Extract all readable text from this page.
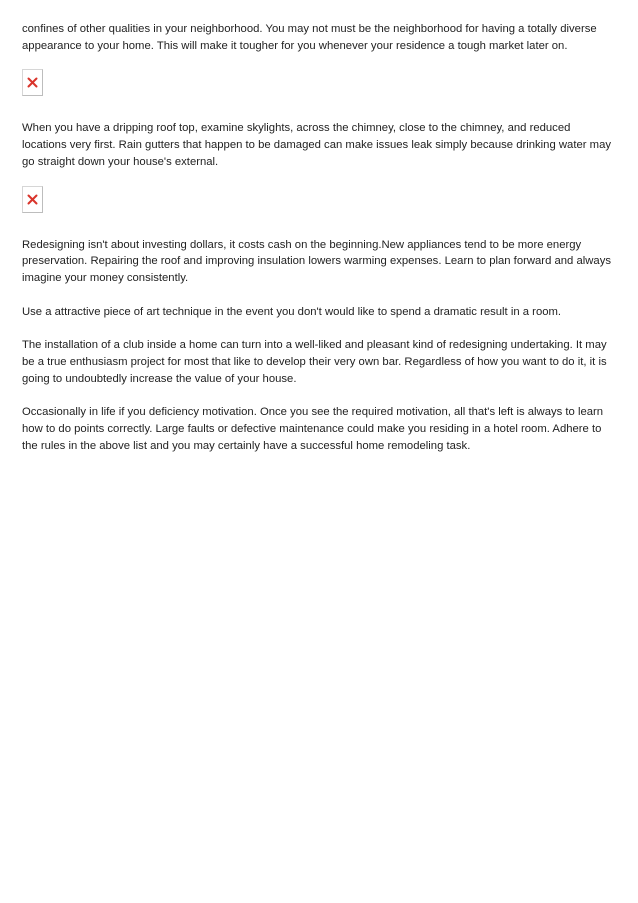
confines of other qualities in your neighborhood. You may not must be the neighborhood for having a totally diverse appearance to your home. This will make it tougher for you whenever your residence a tough market later on.

When you have a dripping roof top, examine skylights, across the chimney, close to the chimney, and reduced locations very first. Rain gutters that happen to be damaged can make issues leak simply because drinking water may go straight down your house's external.

Redesigning isn't about investing dollars, it costs cash on the beginning.New appliances tend to be more energy preservation. Repairing the roof and improving insulation lowers warming expenses. Learn to plan forward and always imagine your money consistently.

Use a attractive piece of art technique in the event you don't would like to spend a dramatic result in a room.

The installation of a club inside a home can turn into a well-liked and pleasant kind of redesigning undertaking. It may be a true enthusiasm project for most that like to develop their very own bar. Regardless of how you want to do it, it is going to undoubtedly increase the value of your house.

Occasionally in life if you deficiency motivation. Once you see the required motivation, all that's left is always to learn how to do points correctly. Large faults or defective maintenance could make you residing in a hotel room. Adhere to the rules in the above list and you may certainly have a successful home remodeling task.
